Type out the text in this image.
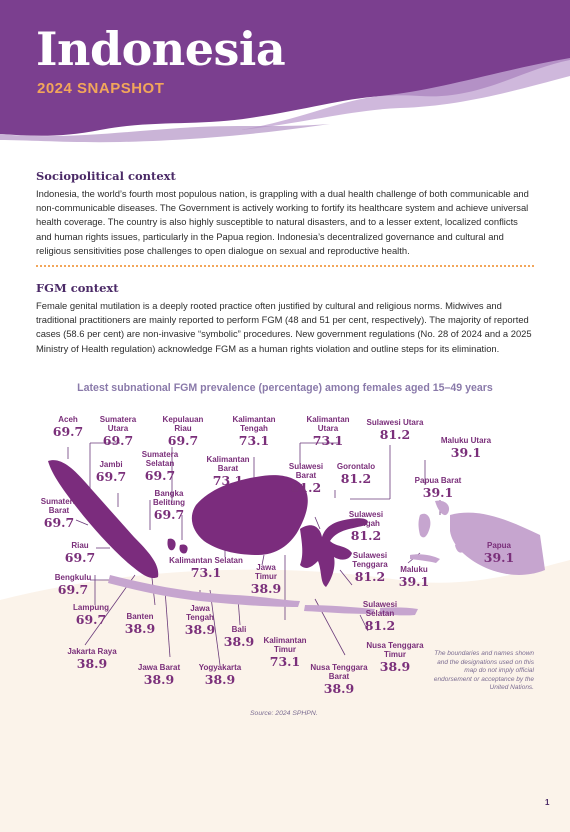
Indonesia
2024 SNAPSHOT
Sociopolitical context

Indonesia, the world’s fourth most populous nation, is grappling with a dual health challenge of both communicable and non-communicable diseases. The Government is actively working to fortify its healthcare system and achieve universal health coverage. The country is also highly susceptible to natural disasters, and to a lesser extent, localized conflicts and human rights issues, particularly in the Papua region. Indonesia’s decentralized governance and cultural and religious sensitivities pose challenges to open dialogue on sexual and reproductive health.

FGM context

Female genital mutilation is a deeply rooted practice often justified by cultural and religious norms. Midwives and traditional practitioners are mainly reported to perform FGM (48 and 51 per cent, respectively). The majority of reported cases (58.6 per cent) are non-invasive “symbolic” procedures. New government regulations (No. 28 of 2024 and a 2025 Ministry of Health regulation) acknowledge FGM as a human rights violation and outline steps for its elimination.

Latest subnational FGM prevalence (percentage) among females aged 15–49 years
Aceh
69.7
Sumatera Utara
69.7
Kepulauan Riau
69.7
Kalimantan Tengah
73.1
Kalimantan Utara
73.1
Sulawesi Utara
81.2	Maluku Utara
39.1
Sumatera Selatan
69.7
Jambi
69.7
Kalimantan Barat
73.1
Sulawesi Barat
81.2
Gorontalo
81.2	Papua Barat
39.1
Sumatera Barat
69.7
Bangka Belitung
69.7	Sulawesi Tengah
81.2
Papua
39.1
Riau
69.7	Kalimantan Selatan
73.1
Sulawesi Tenggara
81.2	Maluku
39.1
Jawa Timur
38.9
Bengkulu
69.7
Lampung
69.7	Banten
38.9
Sulawesi Selatan
81.2
Jawa Tengah
38.9	Bali
38.9	Kalimantan Timur
73.1
Nusa Tenggara Timur
38.9
Jakarta Raya
38.9	Jawa Barat
38.9
Yogyakarta
38.9
Nusa Tenggara Barat
38.9

The boundaries and names shown and the designations used on this map do not imply official endorsement or acceptance by the United Nations.

Source: 2024 SPHPN.
1
